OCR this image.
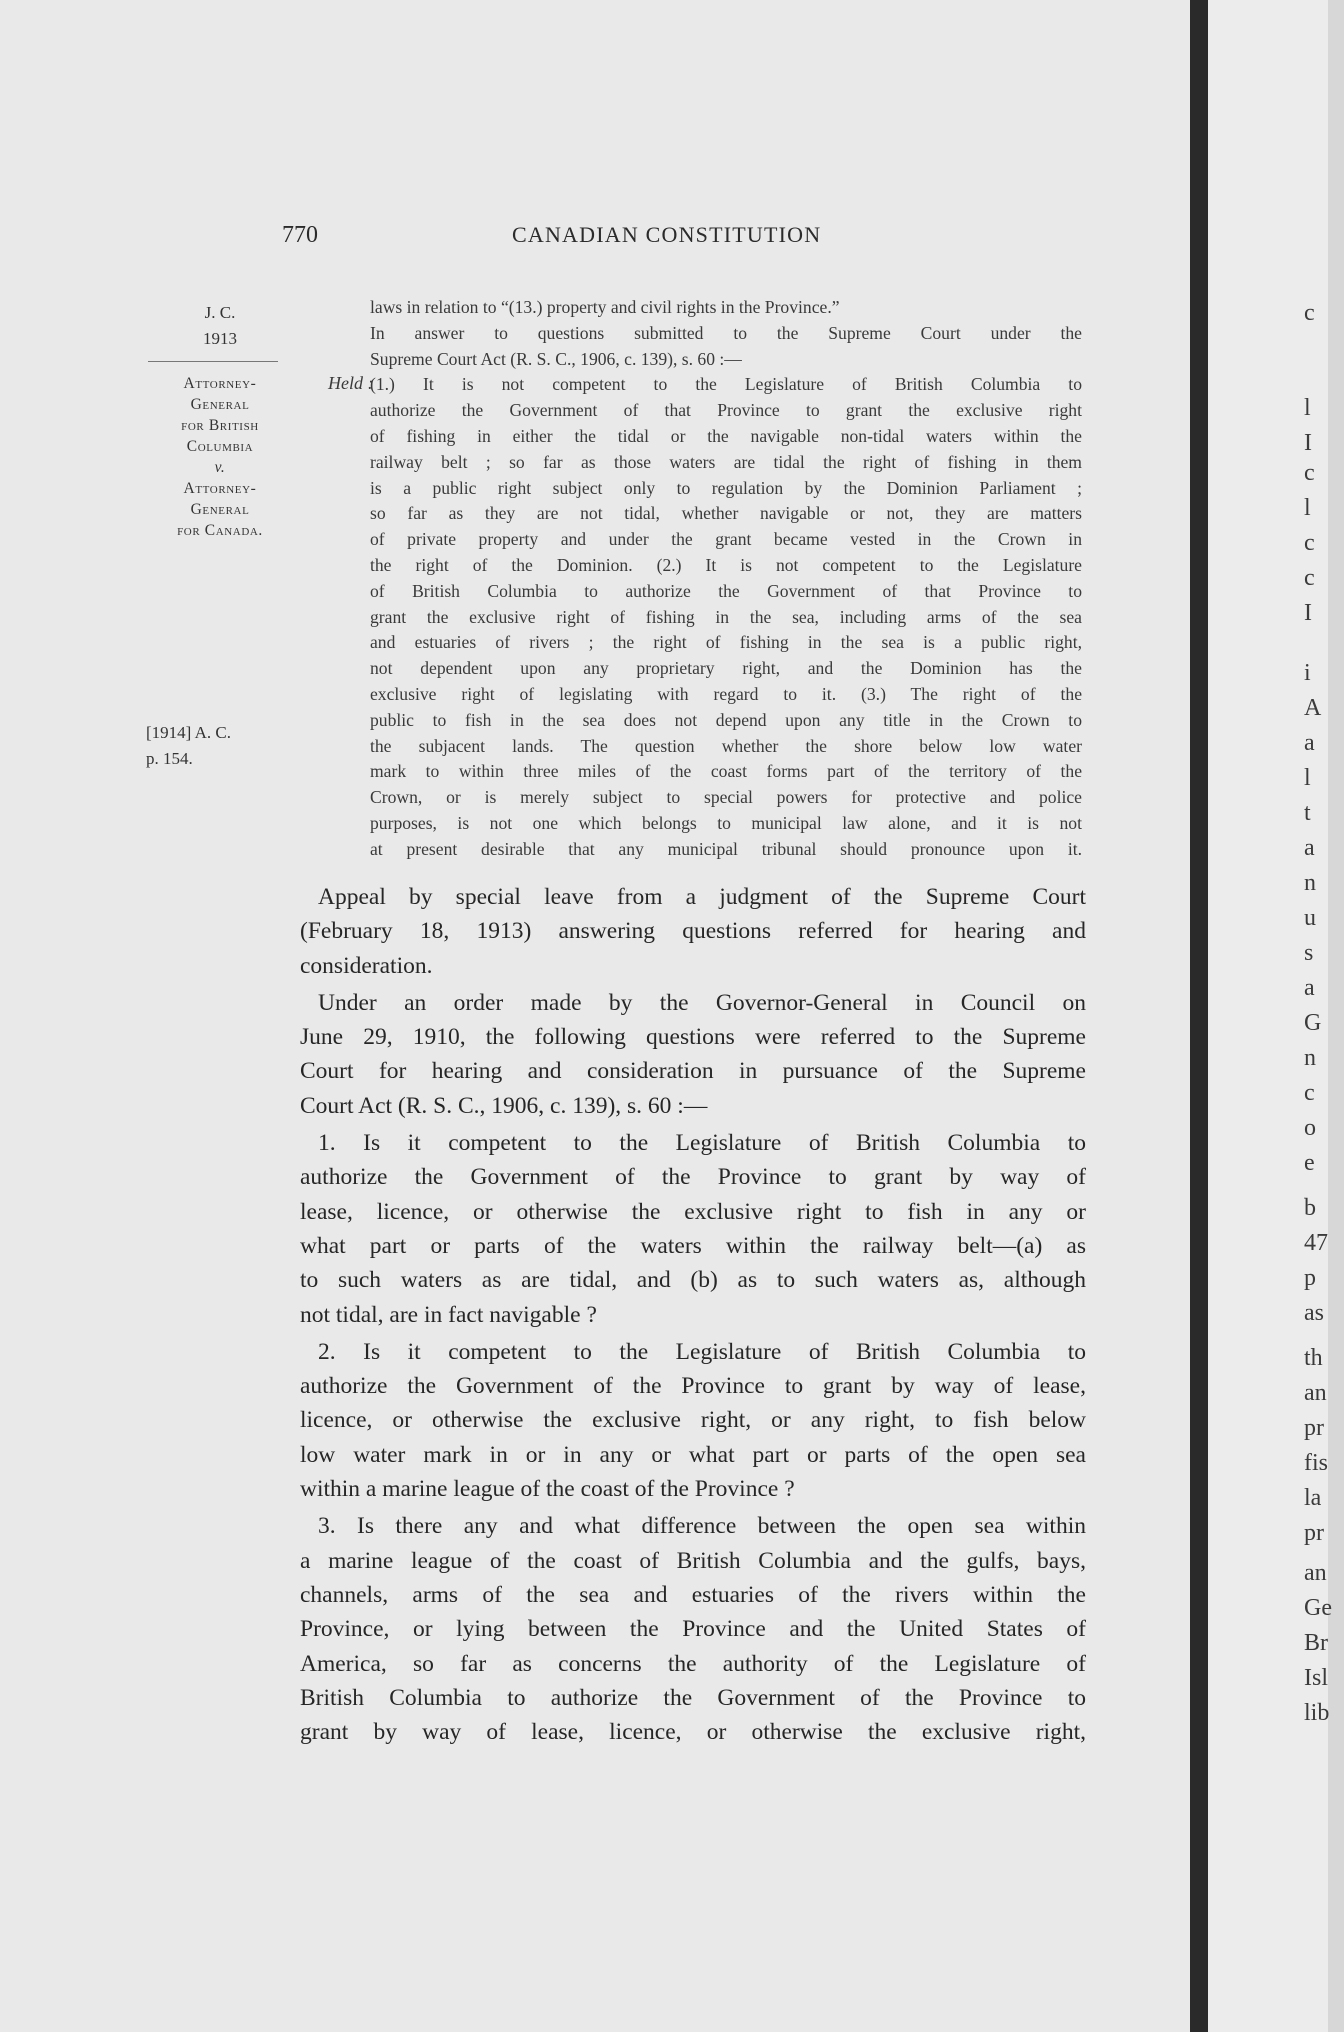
770	CANADIAN CONSTITUTION
J. C.
1913
Attorney-
General
for British
Columbia
v.
Attorney-
General
for Canada.
[1914] A. C.
p. 154.
Held :
laws in relation to “(13.) property and civil rights in the Province.”
In answer to questions submitted to the Supreme Court under the
Supreme Court Act (R. S. C., 1906, c. 139), s. 60 :—
(1.) It is not competent to the Legislature of British Columbia to
authorize the Government of that Province to grant the exclusive right
of fishing in either the tidal or the navigable non-tidal waters within the
railway belt ; so far as those waters are tidal the right of fishing in them
is a public right subject only to regulation by the Dominion Parliament ;
so far as they are not tidal, whether navigable or not, they are matters
of private property and under the grant became vested in the Crown in
the right of the Dominion. (2.) It is not competent to the Legislature
of British Columbia to authorize the Government of that Province to
grant the exclusive right of fishing in the sea, including arms of the sea
and estuaries of rivers ; the right of fishing in the sea is a public right,
not dependent upon any proprietary right, and the Dominion has the
exclusive right of legislating with regard to it. (3.) The right of the
public to fish in the sea does not depend upon any title in the Crown to
the subjacent lands. The question whether the shore below low water
mark to within three miles of the coast forms part of the territory of the
Crown, or is merely subject to special powers for protective and police
purposes, is not one which belongs to municipal law alone, and it is not
at present desirable that any municipal tribunal should pronounce upon it.
Appeal by special leave from a judgment of the Supreme Court
(February 18, 1913) answering questions referred for hearing and
consideration.
Under an order made by the Governor-General in Council on
June 29, 1910, the following questions were referred to the Supreme
Court for hearing and consideration in pursuance of the Supreme
Court Act (R. S. C., 1906, c. 139), s. 60 :—
1. Is it competent to the Legislature of British Columbia to
authorize the Government of the Province to grant by way of
lease, licence, or otherwise the exclusive right to fish in any or
what part or parts of the waters within the railway belt—(a) as
to such waters as are tidal, and (b) as to such waters as, although
not tidal, are in fact navigable ?
2. Is it competent to the Legislature of British Columbia to
authorize the Government of the Province to grant by way of lease,
licence, or otherwise the exclusive right, or any right, to fish below
low water mark in or in any or what part or parts of the open sea
within a marine league of the coast of the Province ?
3. Is there any and what difference between the open sea within
a marine league of the coast of British Columbia and the gulfs, bays,
channels, arms of the sea and estuaries of the rivers within the
Province, or lying between the Province and the United States of
America, so far as concerns the authority of the Legislature of
British Columbia to authorize the Government of the Province to
grant by way of lease, licence, or otherwise the exclusive right,
c
l
I
c
l
c
c
I
i
A
a
l
t
a
n
u
s
a
G
n
c
o
e
b
47
p
as
th
an
pr
fis
la
pr
an
Ge
Br
Isl
lib
